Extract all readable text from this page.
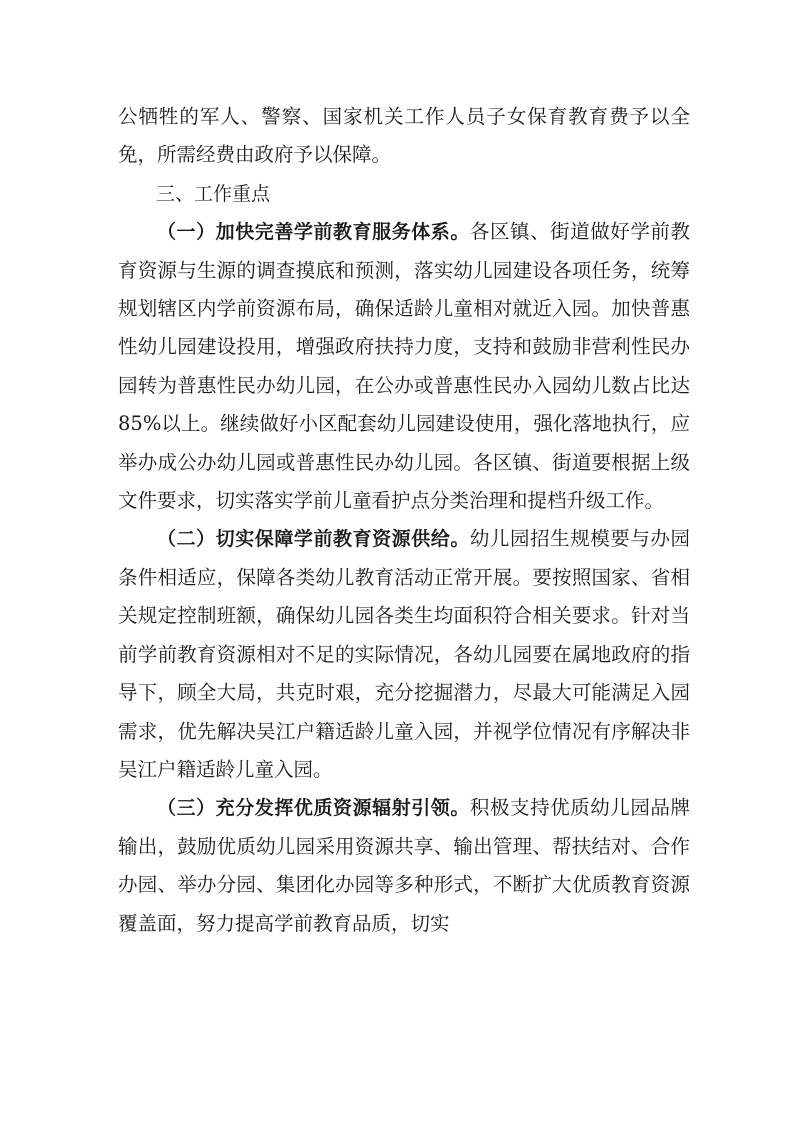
公牺牲的军人、警察、国家机关工作人员子女保育教育费予以全免，所需经费由政府予以保障。

三、工作重点

（一）加快完善学前教育服务体系。各区镇、街道做好学前教育资源与生源的调查摸底和预测，落实幼儿园建设各项任务，统筹规划辖区内学前资源布局，确保适龄儿童相对就近入园。加快普惠性幼儿园建设投用，增强政府扶持力度，支持和鼓励非营利性民办园转为普惠性民办幼儿园，在公办或普惠性民办入园幼儿数占比达 85%以上。继续做好小区配套幼儿园建设使用，强化落地执行，应举办成公办幼儿园或普惠性民办幼儿园。各区镇、街道要根据上级文件要求，切实落实学前儿童看护点分类治理和提档升级工作。

（二）切实保障学前教育资源供给。幼儿园招生规模要与办园条件相适应，保障各类幼儿教育活动正常开展。要按照国家、省相关规定控制班额，确保幼儿园各类生均面积符合相关要求。针对当前学前教育资源相对不足的实际情况，各幼儿园要在属地政府的指导下，顾全大局，共克时艰，充分挖掘潜力，尽最大可能满足入园需求，优先解决吴江户籍适龄儿童入园，并视学位情况有序解决非吴江户籍适龄儿童入园。

（三）充分发挥优质资源辐射引领。积极支持优质幼儿园品牌输出，鼓励优质幼儿园采用资源共享、输出管理、帮扶结对、合作办园、举办分园、集团化办园等多种形式，不断扩大优质教育资源覆盖面，努力提高学前教育品质，切实
